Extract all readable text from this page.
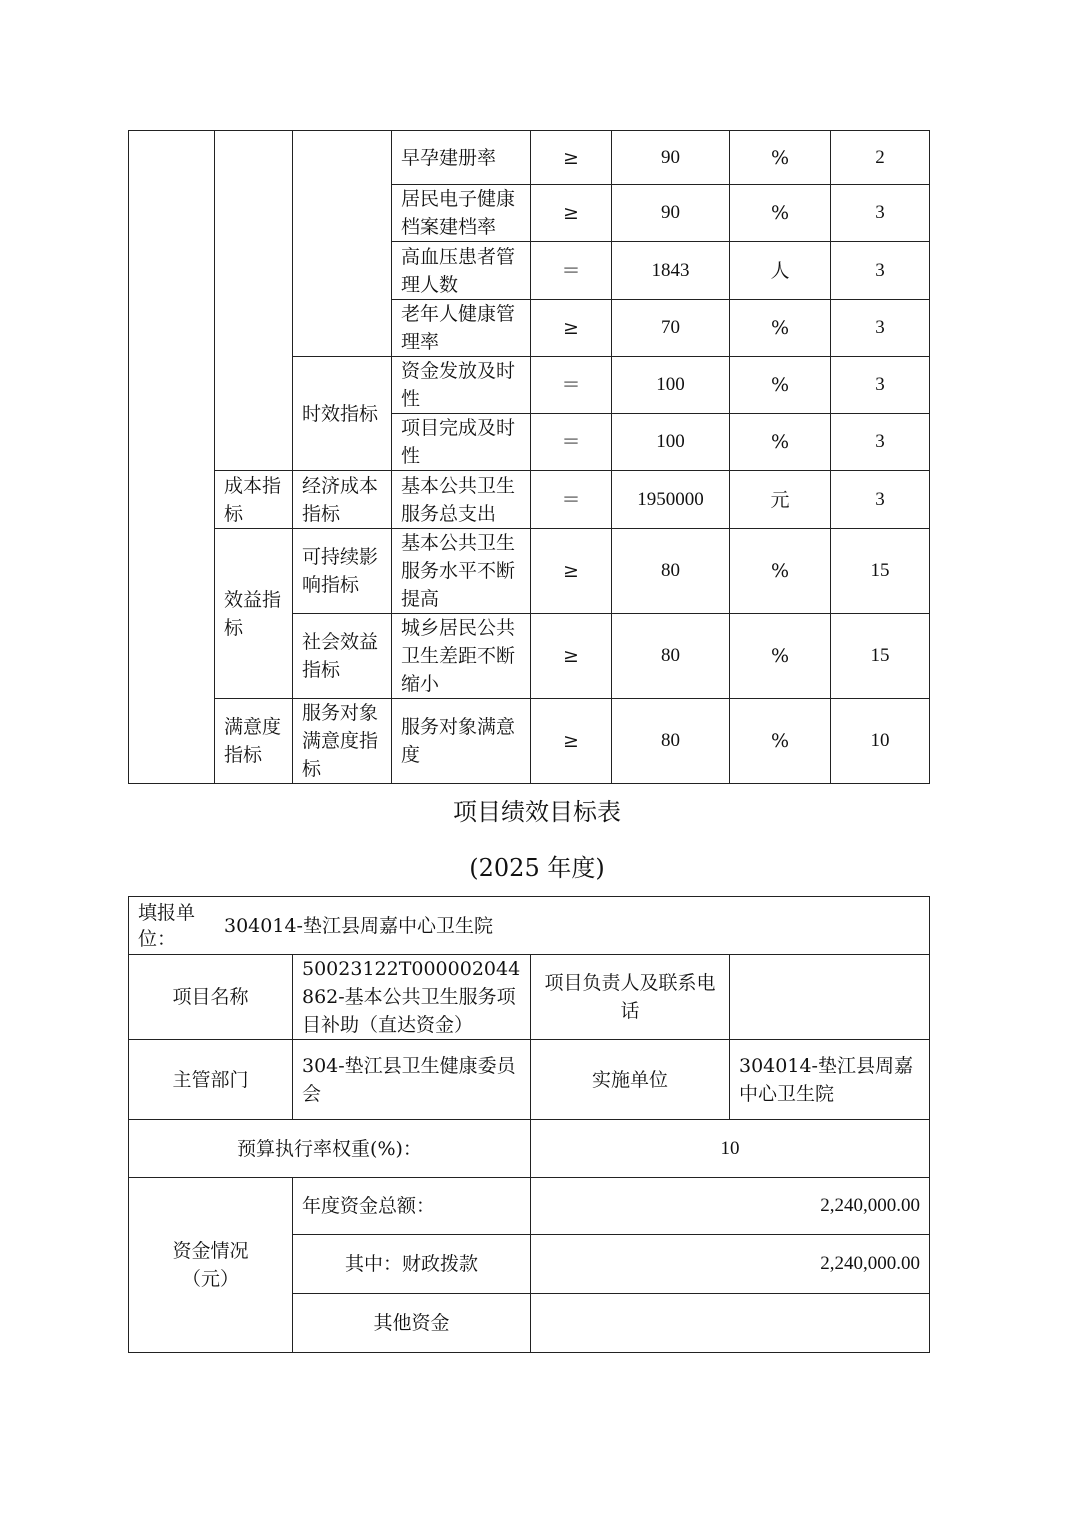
			早孕建册率	≥	90	%	2
			居民电子健康档案建档率	≥	90	%	3
			高血压患者管理人数	＝	1843	人	3
			老年人健康管理率	≥	70	%	3
		时效指标	资金发放及时性	＝	100	%	3
			项目完成及时性	＝	100	%	3
	成本指标	经济成本指标	基本公共卫生服务总支出	＝	1950000	元	3
	效益指标	可持续影响指标	基本公共卫生服务水平不断提高	≥	80	%	15
		社会效益指标	城乡居民公共卫生差距不断缩小	≥	80	%	15
	满意度指标	服务对象满意度指标	服务对象满意度	≥	80	%	10
项目绩效目标表
(2025 年度)
填报单位：
304014-垫江县周嘉中心卫生院			

项目名称	50023122T000002044862-基本公共卫生服务项目补助（直达资金）	项目负责人及联系电话	
主管部门	304-垫江县卫生健康委员会	实施单位	304014-垫江县周嘉中心卫生院
预算执行率权重(%)：		10	

资金情况（元）	年度资金总额：	2,240,000.00	
	其中：财政拨款	2,240,000.00	
	其他资金		
